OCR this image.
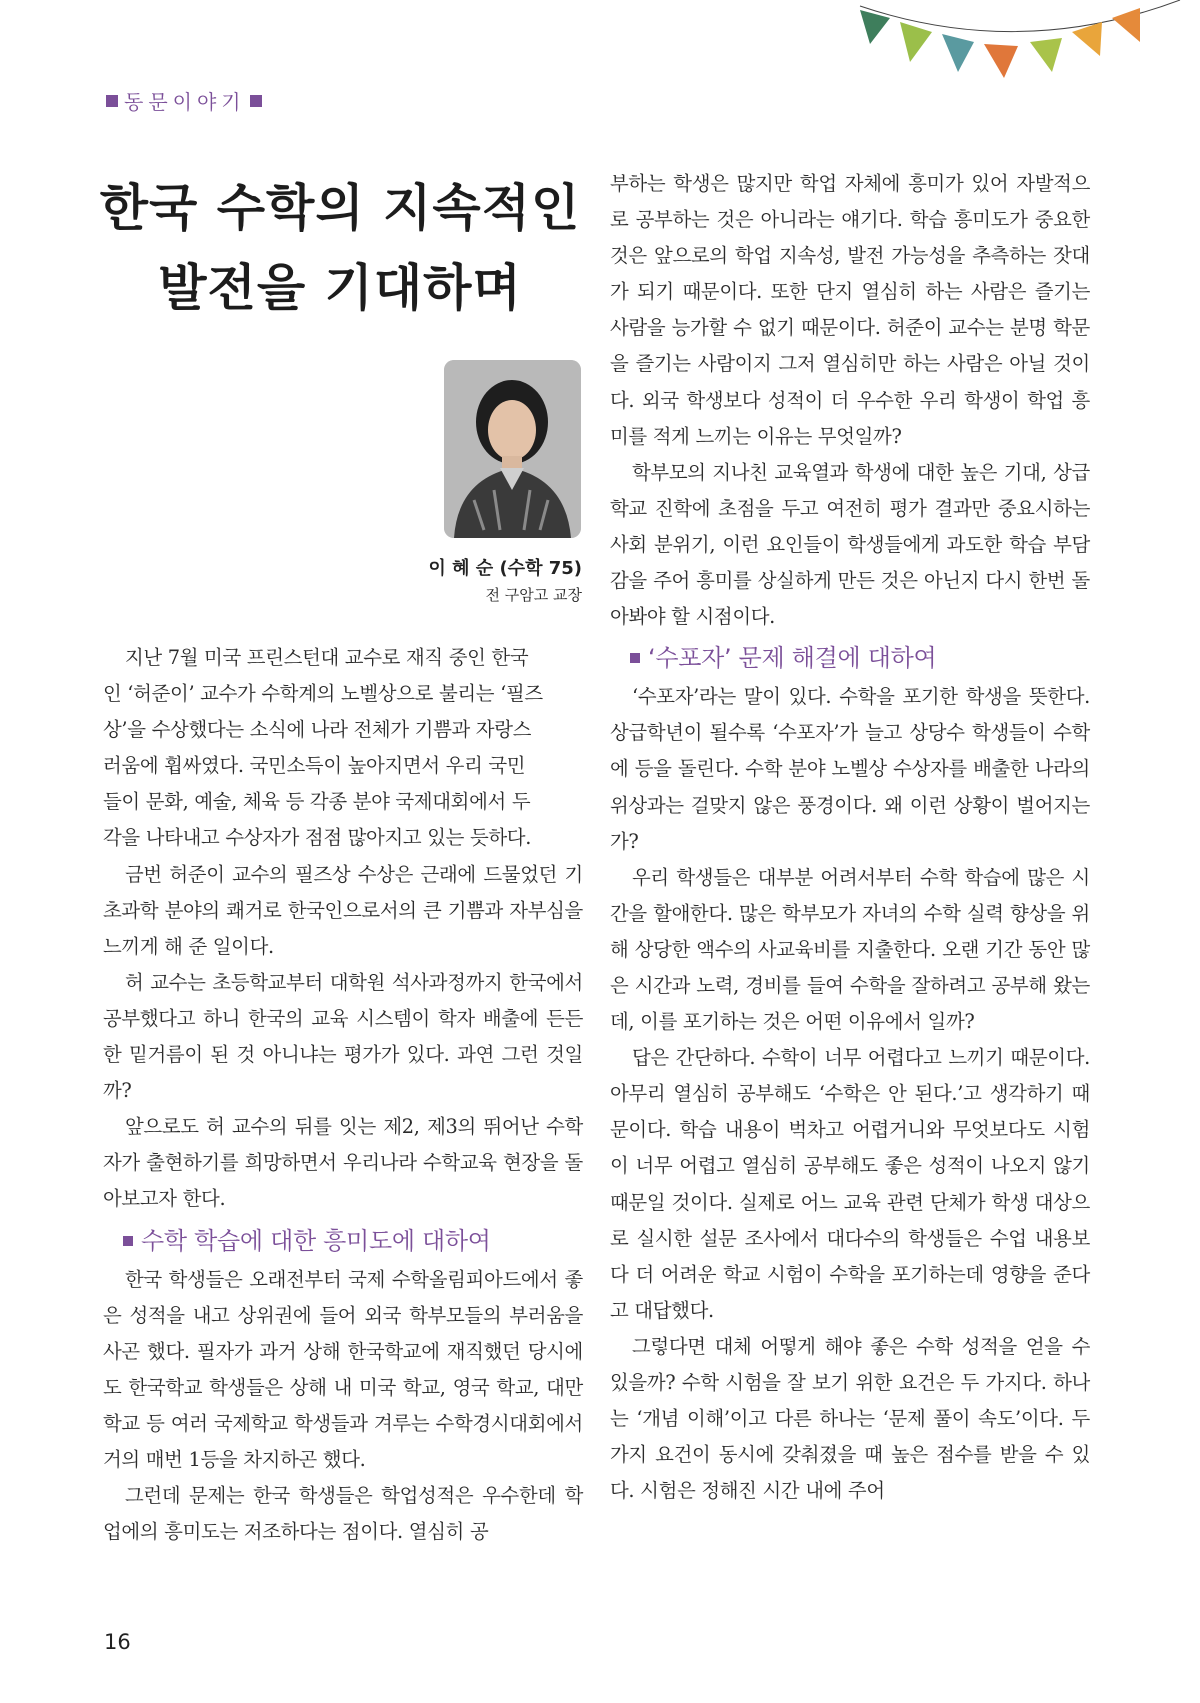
동문이야기
한국 수학의 지속적인
발전을 기대하며
이 혜 순 (수학 75)
전 구암고 교장

지난 7월 미국 프린스턴대 교수로 재직 중인 한국

인 ‘허준이’ 교수가 수학계의 노벨상으로 불리는 ‘필즈

상’을 수상했다는 소식에 나라 전체가 기쁨과 자랑스

러움에 휩싸였다. 국민소득이 높아지면서 우리 국민

들이 문화, 예술, 체육 등 각종 분야 국제대회에서 두

각을 나타내고 수상자가 점점 많아지고 있는 듯하다.

금번 허준이 교수의 필즈상 수상은 근래에 드물었던 기초과학 분야의 쾌거로 한국인으로서의 큰 기쁨과 자부심을 느끼게 해 준 일이다.

허 교수는 초등학교부터 대학원 석사과정까지 한국에서 공부했다고 하니 한국의 교육 시스템이 학자 배출에 든든한 밑거름이 된 것 아니냐는 평가가 있다. 과연 그런 것일까?

앞으로도 허 교수의 뒤를 잇는 제2, 제3의 뛰어난 수학자가 출현하기를 희망하면서 우리나라 수학교육 현장을 돌아보고자 한다.

수학 학습에 대한 흥미도에 대하여

한국 학생들은 오래전부터 국제 수학올림피아드에서 좋은 성적을 내고 상위권에 들어 외국 학부모들의 부러움을 사곤 했다. 필자가 과거 상해 한국학교에 재직했던 당시에도 한국학교 학생들은 상해 내 미국 학교, 영국 학교, 대만 학교 등 여러 국제학교 학생들과 겨루는 수학경시대회에서 거의 매번 1등을 차지하곤 했다.

그런데 문제는 한국 학생들은 학업성적은 우수한데 학업에의 흥미도는 저조하다는 점이다. 열심히 공

부하는 학생은 많지만 학업 자체에 흥미가 있어 자발적으로 공부하는 것은 아니라는 얘기다. 학습 흥미도가 중요한 것은 앞으로의 학업 지속성, 발전 가능성을 추측하는 잣대가 되기 때문이다. 또한 단지 열심히 하는 사람은 즐기는 사람을 능가할 수 없기 때문이다. 허준이 교수는 분명 학문을 즐기는 사람이지 그저 열심히만 하는 사람은 아닐 것이다. 외국 학생보다 성적이 더 우수한 우리 학생이 학업 흥미를 적게 느끼는 이유는 무엇일까?

학부모의 지나친 교육열과 학생에 대한 높은 기대, 상급학교 진학에 초점을 두고 여전히 평가 결과만 중요시하는 사회 분위기, 이런 요인들이 학생들에게 과도한 학습 부담감을 주어 흥미를 상실하게 만든 것은 아닌지 다시 한번 돌아봐야 할 시점이다.

‘수포자’ 문제 해결에 대하여

‘수포자’라는 말이 있다. 수학을 포기한 학생을 뜻한다. 상급학년이 될수록 ‘수포자’가 늘고 상당수 학생들이 수학에 등을 돌린다. 수학 분야 노벨상 수상자를 배출한 나라의 위상과는 걸맞지 않은 풍경이다. 왜 이런 상황이 벌어지는가?

우리 학생들은 대부분 어려서부터 수학 학습에 많은 시간을 할애한다. 많은 학부모가 자녀의 수학 실력 향상을 위해 상당한 액수의 사교육비를 지출한다. 오랜 기간 동안 많은 시간과 노력, 경비를 들여 수학을 잘하려고 공부해 왔는데, 이를 포기하는 것은 어떤 이유에서 일까?

답은 간단하다. 수학이 너무 어렵다고 느끼기 때문이다. 아무리 열심히 공부해도 ‘수학은 안 된다.’고 생각하기 때문이다. 학습 내용이 벅차고 어렵거니와 무엇보다도 시험이 너무 어렵고 열심히 공부해도 좋은 성적이 나오지 않기 때문일 것이다. 실제로 어느 교육 관련 단체가 학생 대상으로 실시한 설문 조사에서 대다수의 학생들은 수업 내용보다 더 어려운 학교 시험이 수학을 포기하는데 영향을 준다고 대답했다.

그렇다면 대체 어떻게 해야 좋은 수학 성적을 얻을 수 있을까? 수학 시험을 잘 보기 위한 요건은 두 가지다. 하나는 ‘개념 이해’이고 다른 하나는 ‘문제 풀이 속도’이다. 두 가지 요건이 동시에 갖춰졌을 때 높은 점수를 받을 수 있다. 시험은 정해진 시간 내에 주어

16
